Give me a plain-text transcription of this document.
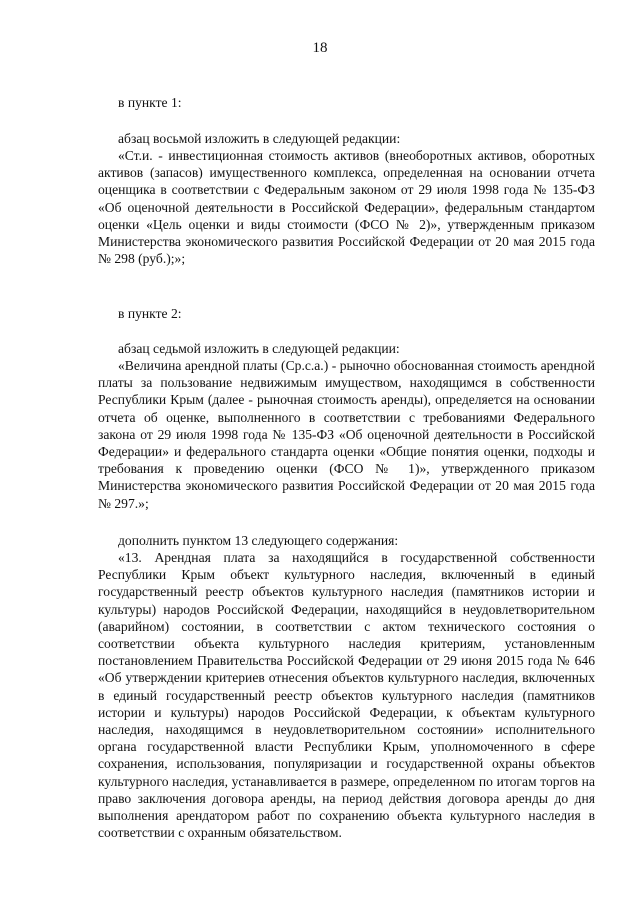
18
в пункте 1:
абзац восьмой изложить в следующей редакции:
«Ст.и. - инвестиционная стоимость активов (внеоборотных активов, оборотных активов (запасов) имущественного комплекса, определенная на основании отчета оценщика в соответствии с Федеральным законом от 29 июля 1998 года № 135-ФЗ «Об оценочной деятельности в Российской Федерации», федеральным стандартом оценки «Цель оценки и виды стоимости (ФСО № 2)», утвержденным приказом Министерства экономического развития Российской Федерации от 20 мая 2015 года № 298 (руб.);»;
в пункте 2:
абзац седьмой изложить в следующей редакции:
«Величина арендной платы (Ср.с.а.) - рыночно обоснованная стоимость арендной платы за пользование недвижимым имуществом, находящимся в собственности Республики Крым (далее - рыночная стоимость аренды), определяется на основании отчета об оценке, выполненного в соответствии с требованиями Федерального закона от 29 июля 1998 года № 135-ФЗ «Об оценочной деятельности в Российской Федерации» и федерального стандарта оценки «Общие понятия оценки, подходы и требования к проведению оценки (ФСО № 1)», утвержденного приказом Министерства экономического развития Российской Федерации от 20 мая 2015 года № 297.»;
дополнить пунктом 13 следующего содержания:
«13. Арендная плата за находящийся в государственной собственности Республики Крым объект культурного наследия, включенный в единый государственный реестр объектов культурного наследия (памятников истории и культуры) народов Российской Федерации, находящийся в неудовлетворительном (аварийном) состоянии, в соответствии с актом технического состояния о соответствии объекта культурного наследия критериям, установленным постановлением Правительства Российской Федерации от 29 июня 2015 года № 646 «Об утверждении критериев отнесения объектов культурного наследия, включенных в единый государственный реестр объектов культурного наследия (памятников истории и культуры) народов Российской Федерации, к объектам культурного наследия, находящимся в неудовлетворительном состоянии» исполнительного органа государственной власти Республики Крым, уполномоченного в сфере сохранения, использования, популяризации и государственной охраны объектов культурного наследия, устанавливается в размере, определенном по итогам торгов на право заключения договора аренды, на период действия договора аренды до дня выполнения арендатором работ по сохранению объекта культурного наследия в соответствии с охранным обязательством.
